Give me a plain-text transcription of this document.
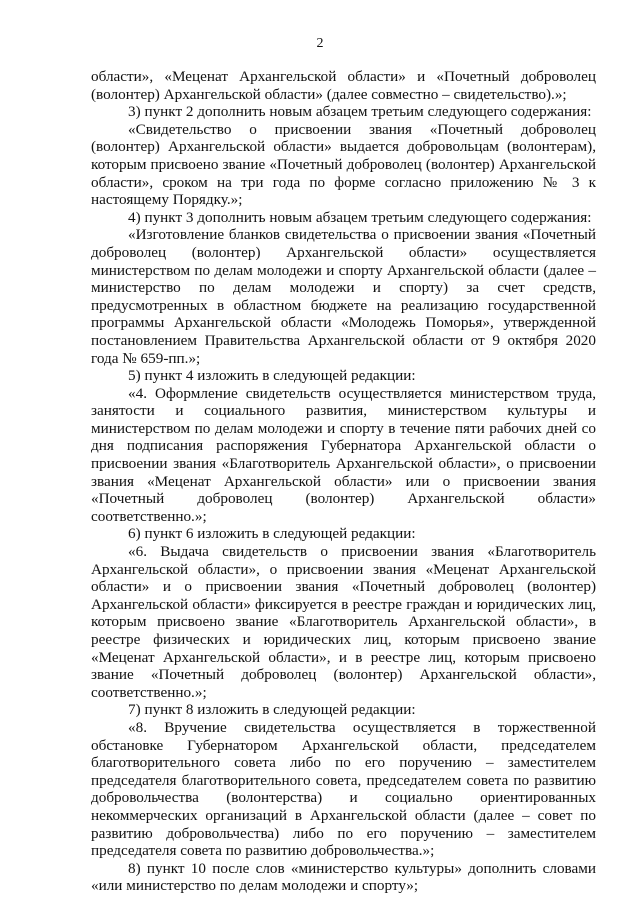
2

области», «Меценат Архангельской области» и «Почетный доброволец (волонтер) Архангельской области» (далее совместно – свидетельство).»;

3) пункт 2 дополнить новым абзацем третьим следующего содержания:

«Свидетельство о присвоении звания «Почетный доброволец (волонтер) Архангельской области» выдается добровольцам (волонтерам), которым присвоено звание «Почетный доброволец (волонтер) Архангельской области», сроком на три года по форме согласно приложению № 3 к настоящему Порядку.»;

4) пункт 3 дополнить новым абзацем третьим следующего содержания:

«Изготовление бланков свидетельства о присвоении звания «Почетный доброволец (волонтер) Архангельской области» осуществляется министерством по делам молодежи и спорту Архангельской области (далее – министерство по делам молодежи и спорту) за счет средств, предусмотренных в областном бюджете на реализацию государственной программы Архангельской области «Молодежь Поморья», утвержденной постановлением Правительства Архангельской области от 9 октября 2020 года № 659-пп.»;

5) пункт 4 изложить в следующей редакции:

«4. Оформление свидетельств осуществляется министерством труда, занятости и социального развития, министерством культуры и министерством по делам молодежи и спорту в течение пяти рабочих дней со дня подписания распоряжения Губернатора Архангельской области о присвоении звания «Благотворитель Архангельской области», о присвоении звания «Меценат Архангельской области» или о присвоении звания «Почетный доброволец (волонтер) Архангельской области» соответственно.»;

6) пункт 6 изложить в следующей редакции:

«6. Выдача свидетельств о присвоении звания «Благотворитель Архангельской области», о присвоении звания «Меценат Архангельской области» и о присвоении звания «Почетный доброволец (волонтер) Архангельской области» фиксируется в реестре граждан и юридических лиц, которым присвоено звание «Благотворитель Архангельской области», в реестре физических и юридических лиц, которым присвоено звание «Меценат Архангельской области», и в реестре лиц, которым присвоено звание «Почетный доброволец (волонтер) Архангельской области», соответственно.»;

7) пункт 8 изложить в следующей редакции:

«8. Вручение свидетельства осуществляется в торжественной обстановке Губернатором Архангельской области, председателем благотворительного совета либо по его поручению – заместителем председателя благотворительного совета, председателем совета по развитию добровольчества (волонтерства) и социально ориентированных некоммерческих организаций в Архангельской области (далее – совет по развитию добровольчества) либо по его поручению – заместителем председателя совета по развитию добровольчества.»;

8) пункт 10 после слов «министерство культуры» дополнить словами «или министерство по делам молодежи и спорту»;
